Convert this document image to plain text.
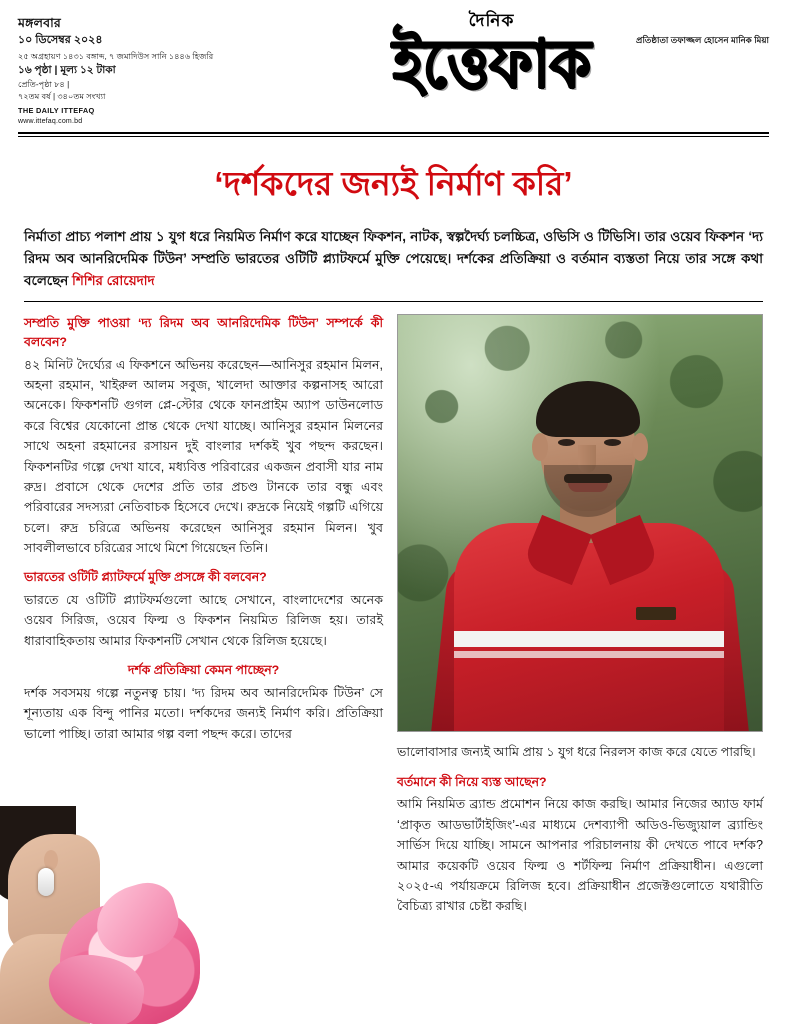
মঙ্গলবার
১০ ডিসেম্বর ২০২৪
২৫ অগ্রহায়ণ ১৪৩১ বঙ্গাব্দ, ৭ জমাদিউস সানি ১৪৪৬ হিজরি
১৬ পৃষ্ঠা | মূল্য ১২ টাকা
প্রেতি-পৃষ্ঠা ৮৪ |
৭২তম বর্ষ | ৩৪০তম সংখ্যা
THE DAILY ITTEFAQ
www.ittefaq.com.bd
দৈনিক
ইত্তেফাক	প্রতিষ্ঠাতা তফাজ্জল হোসেন মানিক মিয়া
‘দর্শকদের জন্যই নির্মাণ করি’
নির্মাতা প্রাচ্য পলাশ প্রায় ১ যুগ ধরে নিয়মিত নির্মাণ করে যাচ্ছেন ফিকশন, নাটক, স্বল্পদৈর্ঘ্য চলচ্চিত্র, ওভিসি ও টিভিসি। তার ওয়েব ফিকশন ‘দ্য রিদম অব আনরিদেমিক টিউন’ সম্প্রতি ভারতের ওটিটি প্ল্যাটফর্মে মুক্তি পেয়েছে। দর্শকের প্রতিক্রিয়া ও বর্তমান ব্যস্ততা নিয়ে তার সঙ্গে কথা বলেছেন শিশির রোয়েদাদ
সম্প্রতি মুক্তি পাওয়া ‘দ্য রিদম অব আনরিদেমিক টিউন’ সম্পর্কে কী বলবেন?
৪২ মিনিট দৈর্ঘ্যের এ ফিকশনে অভিনয় করেছেন—আনিসুর রহমান মিলন, অহনা রহমান, খাইরুল আলম সবুজ, খালেদা আক্তার কল্পনাসহ আরো অনেকে। ফিকশনটি গুগল প্লে-স্টোর থেকে ফানপ্রাইম অ্যাপ ডাউনলোড করে বিশ্বের যেকোনো প্রান্ত থেকে দেখা যাচ্ছে। আনিসুর রহমান মিলনের সাথে অহনা রহমানের রসায়ন দুই বাংলার দর্শকই খুব পছন্দ করছেন। ফিকশনটির গল্পে দেখা যাবে, মধ্যবিত্ত পরিবারের একজন প্রবাসী যার নাম রুদ্র। প্রবাসে থেকে দেশের প্রতি তার প্রচণ্ড টানকে তার বন্ধু এবং পরিবারের সদস্যরা নেতিবাচক হিসেবে দেখে। রুদ্রকে নিয়েই গল্পটি এগিয়ে চলে। রুদ্র চরিত্রে অভিনয় করেছেন আনিসুর রহমান মিলন। খুব সাবলীলভাবে চরিত্রের সাথে মিশে গিয়েছেন তিনি।
ভারতের ওটিটি প্ল্যাটফর্মে মুক্তি প্রসঙ্গে কী বলবেন?
ভারতে যে ওটিটি প্ল্যাটফর্মগুলো আছে সেখানে, বাংলাদেশের অনেক ওয়েব সিরিজ, ওয়েব ফিল্ম ও ফিকশন নিয়মিত রিলিজ হয়। তারই ধারাবাহিকতায় আমার ফিকশনটি সেখান থেকে রিলিজ হয়েছে।
দর্শক প্রতিক্রিয়া কেমন পাচ্ছেন?
দর্শক সবসময় গল্পে নতুনত্ব চায়। ‘দ্য রিদম অব আনরিদেমিক টিউন’ সে শূন্যতায় এক বিন্দু পানির মতো। দর্শকদের জন্যই নির্মাণ করি। প্রতিক্রিয়া ভালো পাচ্ছি। তারা আমার গল্প বলা পছন্দ করে। তাদের
ভালোবাসার জন্যই আমি প্রায় ১ যুগ ধরে নিরলস কাজ করে যেতে পারছি।
বর্তমানে কী নিয়ে ব্যস্ত আছেন?
আমি নিয়মিত ব্র্যান্ড প্রমোশন নিয়ে কাজ করছি। আমার নিজের অ্যাড ফার্ম ‘প্রাকৃত আডভার্টাইজিং’-এর মাধ্যমে দেশব্যাপী অডিও-ভিজ্যুয়াল ব্র্যান্ডিং সার্ভিস দিয়ে যাচ্ছি। সামনে আপনার পরিচালনায় কী দেখতে পাবে দর্শক? আমার কয়েকটি ওয়েব ফিল্ম ও শর্টফিল্ম নির্মাণ প্রক্রিয়াধীন। এগুলো ২০২৫-এ পর্যায়ক্রমে রিলিজ হবে। প্রক্রিয়াধীন প্রজেক্টগুলোতে যথারীতি বৈচিত্র্য রাখার চেষ্টা করছি।
